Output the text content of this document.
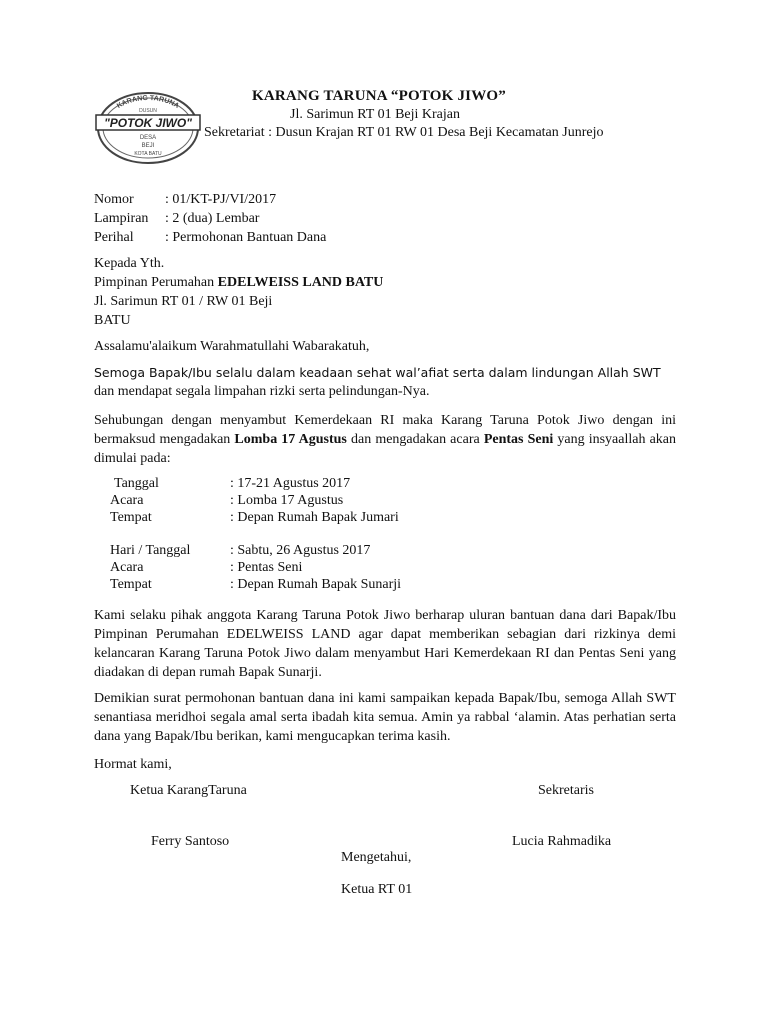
KARANG TARUNA
DUSUN
"POTOK JIWO"
DESA
BEJI
KOTA BATU
KARANG TARUNA “POTOK JIWO”
Jl. Sarimun RT 01 Beji Krajan
Sekretariat : Dusun Krajan RT 01 RW 01 Desa Beji Kecamatan Junrejo
Nomor : 01/KT-PJ/VI/2017
Lampiran : 2 (dua) Lembar
Perihal : Permohonan Bantuan Dana
Kepada Yth.
Pimpinan Perumahan EDELWEISS LAND BATU
Jl. Sarimun RT 01 / RW 01 Beji
BATU
Assalamu'alaikum Warahmatullahi Wabarakatuh,
Semoga Bapak/Ibu selalu dalam keadaan sehat wal’afiat serta dalam lindungan Allah SWT
dan mendapat segala limpahan rizki serta pelindungan-Nya.
Sehubungan dengan menyambut Kemerdekaan RI maka Karang Taruna Potok Jiwo dengan ini bermaksud mengadakan Lomba 17 Agustus dan mengadakan acara Pentas Seni yang insyaallah akan dimulai pada:
Tanggal	: 17-21 Agustus 2017
Acara	: Lomba 17 Agustus
Tempat	: Depan Rumah Bapak Jumari
Hari / Tanggal	: Sabtu, 26 Agustus 2017
Acara	: Pentas Seni
Tempat	: Depan Rumah Bapak Sunarji
Kami selaku pihak anggota Karang Taruna Potok Jiwo berharap uluran bantuan dana dari Bapak/Ibu Pimpinan Perumahan EDELWEISS LAND agar dapat memberikan sebagian dari rizkinya demi kelancaran Karang Taruna Potok Jiwo dalam menyambut Hari Kemerdekaan RI dan Pentas Seni yang diadakan di depan rumah Bapak Sunarji.
Demikian surat permohonan bantuan dana ini kami sampaikan kepada Bapak/Ibu, semoga Allah SWT senantiasa meridhoi segala amal serta ibadah kita semua. Amin ya rabbal ‘alamin. Atas perhatian serta dana yang Bapak/Ibu berikan, kami mengucapkan terima kasih.
Hormat kami,
Ketua KarangTaruna	Sekretaris
Ferry Santoso	Lucia Rahmadika
Mengetahui,
Ketua RT 01
